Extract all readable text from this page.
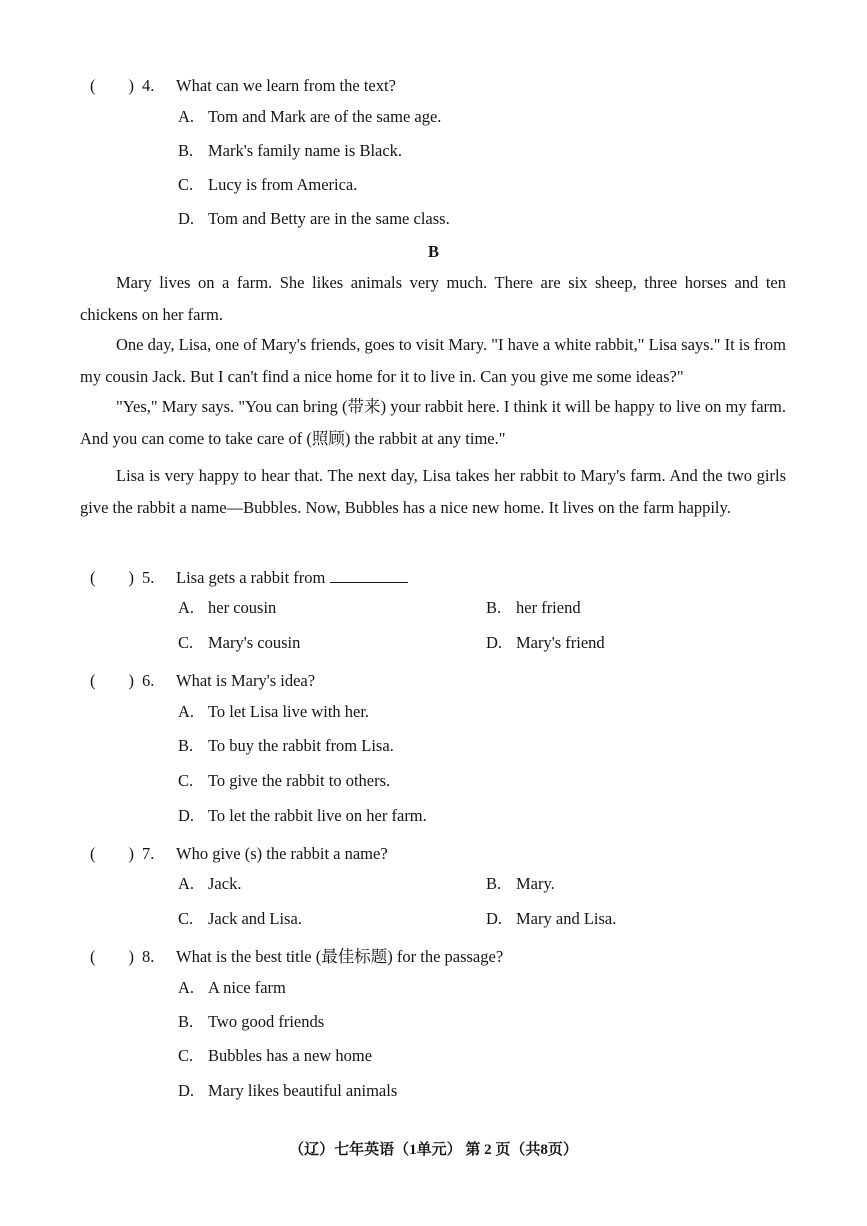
(　　) 4. What can we learn from the text?
A. Tom and Mark are of the same age.
B. Mark's family name is Black.
C. Lucy is from America.
D. Tom and Betty are in the same class.
B

Mary lives on a farm. She likes animals very much. There are six sheep, three horses and ten chickens on her farm.

One day, Lisa, one of Mary's friends, goes to visit Mary. "I have a white rabbit," Lisa says." It is from my cousin Jack. But I can't find a nice home for it to live in. Can you give me some ideas?"

"Yes," Mary says. "You can bring (带来) your rabbit here. I think it will be happy to live on my farm. And you can come to take care of (照顾) the rabbit at any time."

Lisa is very happy to hear that. The next day, Lisa takes her rabbit to Mary's farm. And the two girls give the rabbit a name—Bubbles. Now, Bubbles has a nice new home. It lives on the farm happily.

(　　) 5. Lisa gets a rabbit from
A. her cousin	B. her friend
C. Mary's cousin	D. Mary's friend
(　　) 6. What is Mary's idea?
A. To let Lisa live with her.
B. To buy the rabbit from Lisa.
C. To give the rabbit to others.
D. To let the rabbit live on her farm.
(　　) 7. Who give (s) the rabbit a name?
A. Jack.	B. Mary.
C. Jack and Lisa.	D. Mary and Lisa.
(　　) 8. What is the best title (最佳标题) for the passage?
A. A nice farm
B. Two good friends
C. Bubbles has a new home
D. Mary likes beautiful animals
（辽）七年英语（1单元） 第 2 页（共8页）
